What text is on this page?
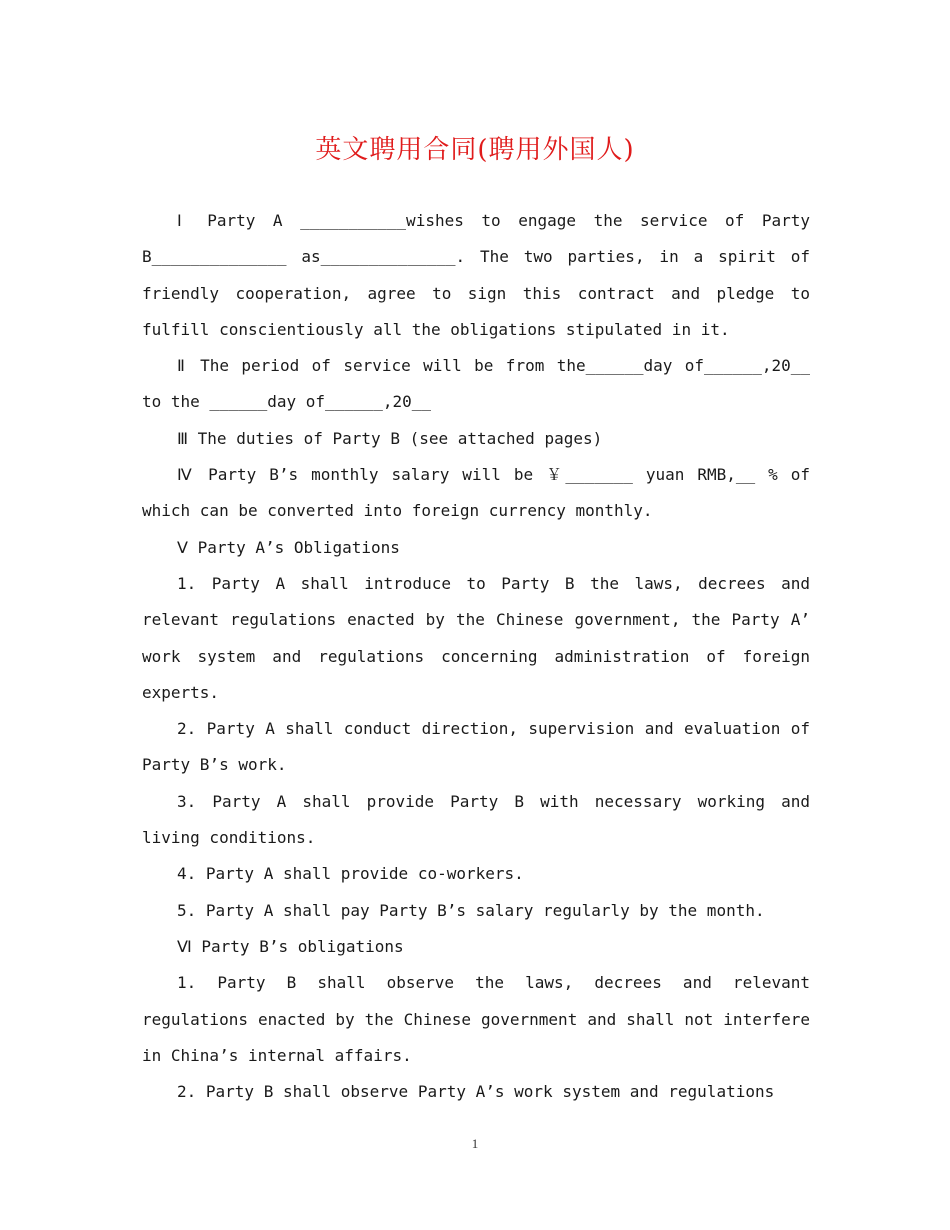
英文聘用合同(聘用外国人)

Ⅰ Party A ___________wishes to engage the service of Party B______________ as______________. The two parties, in a spirit of friendly cooperation, agree to sign this contract and pledge to fulfill conscientiously all the obligations stipulated in it.

Ⅱ The period of service will be from the______day of______,20__ to the ______day of______,20__

Ⅲ The duties of Party B (see attached pages)

Ⅳ Party B’s monthly salary will be ￥_______ yuan RMB,__ % of which can be converted into foreign currency monthly.

Ⅴ Party A’s Obligations

1. Party A shall introduce to Party B the laws, decrees and relevant regulations enacted by the Chinese government, the Party A’ work system and regulations concerning administration of foreign experts.

2. Party A shall conduct direction, supervision and evaluation of Party B’s work.

3. Party A shall provide Party B with necessary working and living conditions.

4. Party A shall provide co-workers.

5. Party A shall pay Party B’s salary regularly by the month.

Ⅵ Party B’s obligations

1. Party B shall observe the laws, decrees and relevant regulations enacted by the Chinese government and shall not interfere in China’s internal affairs.

2. Party B shall observe Party A’s work system and regulations

1
